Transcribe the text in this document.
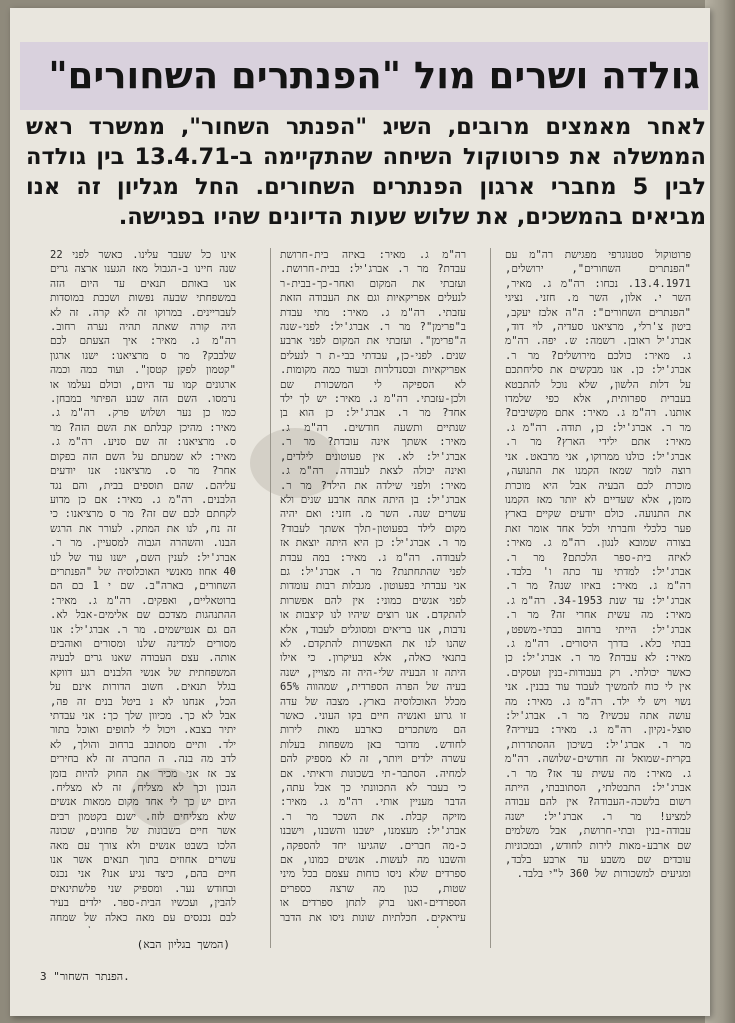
גולדה ושרים מול "הפנתרים השחורים"

לאחר מאמצים מרובים, השיג "הפנתר השחור", ממשרד ראש הממשלה את פרוטוקול השיחה שהתקיימה ב-13.4.71 בין גולדה לבין 5 מחברי ארגון הפנתרים השחורים. החל מגליון זה אנו מביאים בהמשכים, את שלוש שעות הדיונים שהיו בפגישה.

פרוטוקול סטנוגרפי מפגישת רה"מ עם "הפנתרים השחורים", ירושלים, 13.4.1971. נכחו: רה"מ ג. מאיר, השר י. אלון, השר מ. חזני. נציגי "הפנתרים השחורים": ה"ה אלבז יעקב, ביטון צ'רלי, מרציאנו סעדיה, לוי דוד, אברג'יל ראובן. רשמה: ש. יפה. רה"מ ג. מאיר: כולכם מירושלים? מר ר. אברג'יל: כן. אנו מבקשים את סליחתכם על דלות הלשון, שלא נוכל להתבטא בעברית ספרותית, אלא כפי שלמדו אותנו. רה"מ ג. מאיר: אתם מקשיבים? מר ר. אברג'יל: כן, תודה. רה"מ ג. מאיר: אתם ילידי הארץ? מר ר. אברג'יל: כולנו ממרוקו, אני מרבאט. אני רוצה לומר שמאז הקמנו את התנועה, מוכרת לכם הבעיה אבל היא מוכרת מזמן, אלא שעדיים לא יותר מאז הקמנו את התנועה. כולם יודעים שקיים בארץ פער כלכלי וחברתי ולכל אחד אומר זאת בצורה שמובא לנגון. רה"מ ג. מאיר: לאיזה בית-ספר הלכתם? מר ר. אברג'יל: למדתי עד כתה ו' בלבד. רה"מ ג. מאיר: באיזו שנה? מר ר. אברג'יל: עד שנת 34-1953. רה"מ ג. מאיר: מה עשית אחרי זה? מר ר. אברג'יל: הייתי ברחוב בבתי-משפט, בבתי כלא. בדרך היסורים. רה"מ ג. מאיר: לא עבדת? מר ר. אברג'יל: כן כאשר יכולתי. רק בעבודות-בנין ועסקים. אין לי כוח להמשיך לעבוד עוד בבנין. אני נשוי ויש לי ילד. רה"מ ג. מאיר: מה עושה אתה עכשיו? מר ר. אברג'יל: סוצל-נקיון. רה"מ ג. מאיר: בעיריה? מר ר. אברג'יל: בשיכון ההסתדרות, בקרית-שמואל זה חודשים-שלושה. רה"מ ג. מאיר: מה עשית עד אז? מר ר. אברג'יל: התבטלתי, הסתובבתי, הייתה רשום בלשכה-העבודה? אין להם עבודה למציע! מר ר. אברג'יל: ישנה עבודה-בנין ובתי-חרושת, אבל משלמים שם ארבע-מאות לירות לחודש, ובמכוניות עובדים שם משבע עד ארבע בלבד, ומגיעים למשכורות של 360 ל"י בלבד.

רה"מ ג. מאיר: באיזה בית-חרושת עבדת? מר ר. אברג'יל: בבית-חרושת. ועזבתי את המקום ואחר-כך-בבית-ר לנעלים אפריקאיות וגם את העבודה הזאת עזבתי. רה"מ ג. מאיר: מתי עבדת ב"פרימן"? מר ר. אברג'יל: לפני-שנה ה"פרימן". ועזבתי את המקום לפני ארבע שנים. לפני-כן, עבדתי בבי-ת ר לנעלים אפריקאיות ובסנדלרות ובעוד כמה מקומות. לא הספיקה לי המשכורת שם ולכן-עזבתי. רה"מ ג. מאיר: יש לך ילד אחד? מר ר. אברג'יל: כן הוא בן שנתיים ותשעה חודשים. רה"מ ג. מאיר: אשתך אינה עובדת? מר ר. אברג'יל: לא. אין פעוטונים לילדים, ואינה יכולה לצאת לעבודה. רה"מ ג. מאיר: ולפני שילדה את הילד? מר ר. אברג'יל: בן היתה אתה ארבע שנים ולא עשרים שנה. השר מ. חזני: ואם יהיה מקום לילד בפעוטון-תלך אשתך לעבוד? מר ר. אברג'יל: כן היא היתה יוצאת אז לעבודה. רה"מ ג. מאיר: במה עבדת לפני שהתחתנת? מר ר. אברג'יל: גם אני עבדתי בפעוטון. מגבלות רבות עומדות לפני אנשים כמוני: אין להם אפשרות להתקדם. אנו רוצים שיהיו לנו קיצבות או נדבות, אנו בריאים ומסוגלים לעבוד, אלא שהנו לנו את האפשרות להתקדם. לא בתנאי כאלה, אלא בעיקרון. כי אילו היתה זו הבעיה שלי-היה זה מצויין, ישנה בעיה של הפרה הספרדית, שמהווה 65% מכלל האוכלוסיה בארץ. מצבה של עדה זו גרוע ואנשיה חיים בקו העוני. כאשר הם משתכרים כארבע מאות לירות לחודש. מדובר באן משפחות בעלות עשרה ילדים ויותר, זה לא מספיק להם למחיה. הסתבר-תי בשכונות וראיתי. אם כי בעבר לא התכוונתי כך אבל עתה, הדבר מעניין אותי. רה"מ ג. מאיר: מזיקה קבלת. את השכר מר ר. אברג'יל: מעצמנו, ישבנו והשבנו, וישבנו כ-מה חברים. שהגיעו יחד להספקה, והשבנו מה לעשות. אנשים כמונו, אם ספרדים שלא ניסו כוחות עצמם בכל מיני שטות, כגון מה שרצה כספרים הספרדים-ואנו ברק לתחן ספרדים או עיראקים. חכלתיות שונות ניסו את הדבר

אינו כל שעבר עלינו. כאשר לפני 22 שנה חיינו ב-הגבול מאז הגענו ארצה גרים אנו באותם תנאים עד היום הזה במשפחתי שבעה נפשות ושכבת במוסדות לעבריינים. במרוקו זה לא קרה. זה לא היה קורה שאתה תהיה נערה רחוב. רה"מ ג. מאיר: איך הצעתם לכם שלבבק? מר ס מרציאנו: ישנו ארגון "קטמון לפקן קטסן". ועוד כמה וכמה ארגונים קמו עד היום, וכולם נעלמו או נרמסו. השם הזה שבע הפיתוי במבחן. כמו כן נער ושלוש פרק. רה"מ ג. מאיר: מהיכן קבלתם את השם הזה? מר ס. מרציאנו: זה שם סניע. רה"מ ג. מאיר: לא שמעתם על השם הזה בפקום אחר? מר ס. מרציאנו: אנו יודעים עליהם. שהם תוספים בבית, והם נגד הלבנים. רה"מ ג. מאיר: אם כן מדוע לקחתם לכם שם זה? מר ס מרציאנו: כי זה נח, לנו את המתק. לעורר את הרגש הבנו. והשהרה הגבוה למסעיין. מר ר. אברג'יל: לענין השם, ישנו עוד של לנו 40 אחוז מאנשי האוכלוסיה של "הפנתרים השחורים, בארה"ב. שם י 1 בם הם ברוטאליים, ואפקים. רה"מ ג. מאיר: ההתנהגות מצדכם שם אלימים-אבל לא. הם גם אנטישמים. מר ר. אברג'יל: אנו מסורים למדינה שלנו ומסורים ואוהבים אותה. עצם העבודה שאנו גרים לבעיה המשפחתית של אנשי הלבנים רגע דווקא בגלל תנאים. חשוב הדורות אינם על הכל, אנחנו לא נ ביטל בנים זה פה, אבל לא כך. מכיוון שלך כך: אני עבדתי יתיר בצבא. ויכול לי לתופים ואוכל בתור ילד. ותיים מסתובב ברחוב והולך, לא לדב מה בנה. ה החברה זה לא בחירים צב אז אני מכיר את החוק להיות בזמן הנכון וכך לא מצליח, זה לא מצליח. היום יש כך לי אחד מקום ממאות אנשים שלא מצליחים לזוז. ישנם בקטמון רבים אשר חיים בשבונות של פחונים, שכונה הלכו בשבט אנשים ולא צורך עם מאה עשרים אחוזים בתוך תנאים אשר אנו חיים בהם, כיצד נגיע אנו? אני נכנס ובחודש נער. ומספיק שני פלשתינאים להבין, ועכשיו הבית-ספר. ילדים בעיר לבם נכנסים עם מאה כאלה של שמחה

(המשך בגליון הבא)
.הפנתר השחור" 3
